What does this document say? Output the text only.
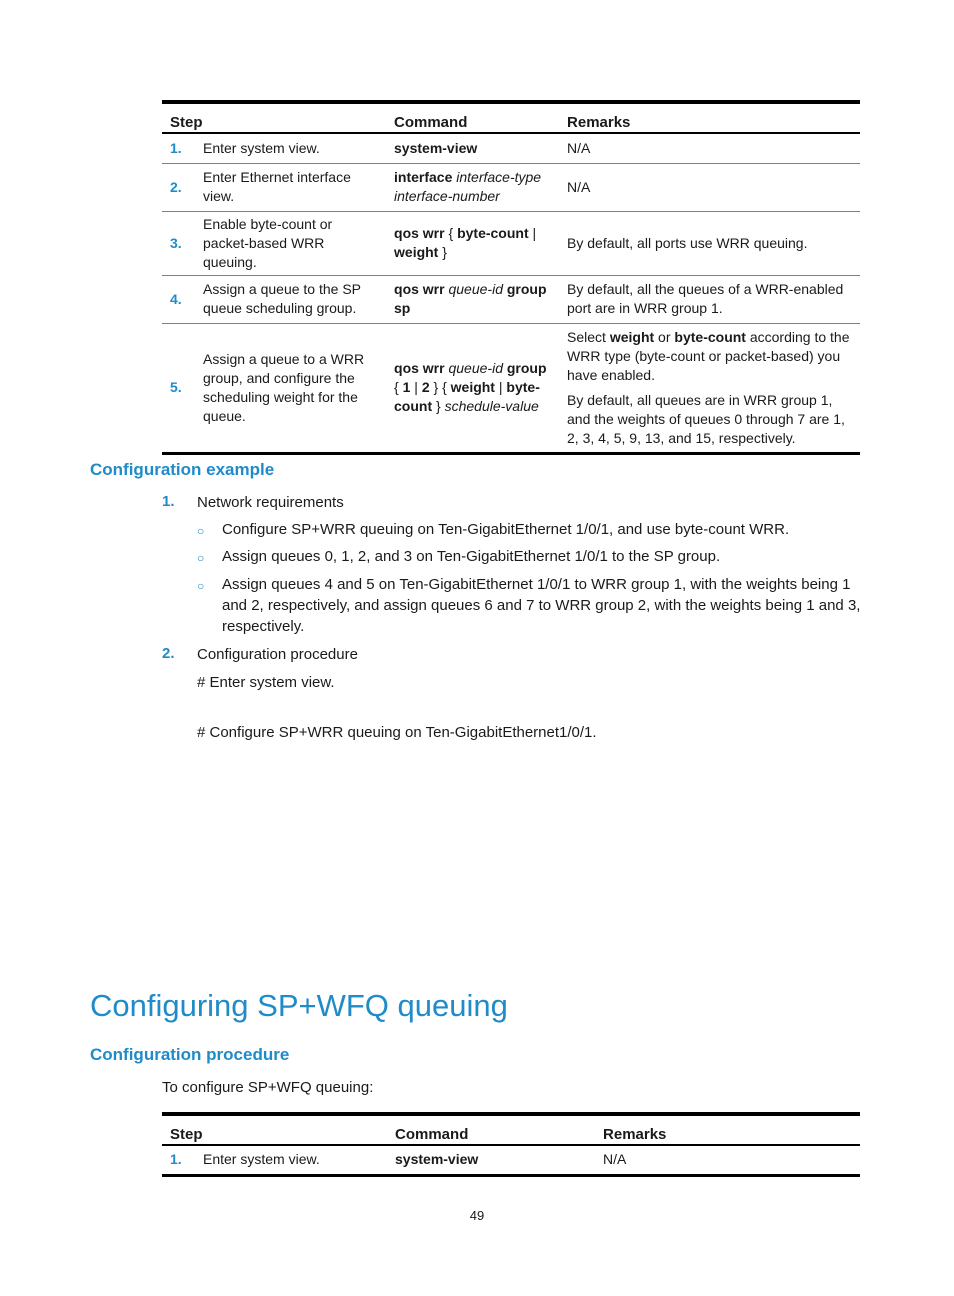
Step		Command	Remarks
1.	Enter system view.	system-view	N/A

2.	Enter Ethernet interface view.	interface interface-type interface-number	N/A

3.	Enable byte-count or packet-based WRR queuing.	qos wrr { byte-count | weight }	By default, all ports use WRR queuing.

4.	Assign a queue to the SP queue scheduling group.	qos wrr queue-id group sp	By default, all the queues of a WRR-enabled port are in WRR group 1.

5.	Assign a queue to a WRR group, and configure the scheduling weight for the queue.	qos wrr queue-id group { 1 | 2 } { weight | byte-count } schedule-value	Select weight or byte-count according to the WRR type (byte-count or packet-based) you have enabled.

By default, all queues are in WRR group 1, and the weights of queues 0 through 7 are 1, 2, 3, 4, 5, 9, 13, and 15, respectively.

Configuration example
1. Network requirements
○ Configure SP+WRR queuing on Ten-GigabitEthernet 1/0/1, and use byte-count WRR.
○ Assign queues 0, 1, 2, and 3 on Ten-GigabitEthernet 1/0/1 to the SP group.
○ Assign queues 4 and 5 on Ten-GigabitEthernet 1/0/1 to WRR group 1, with the weights being 1 and 2, respectively, and assign queues 6 and 7 to WRR group 2, with the weights being 1 and 3, respectively.
2. Configuration procedure
# Enter system view.
# Configure SP+WRR queuing on Ten-GigabitEthernet1/0/1.
Configuring SP+WFQ queuing
Configuration procedure
To configure SP+WFQ queuing:
Step		Command	Remarks
1.	Enter system view.	system-view	N/A

49
